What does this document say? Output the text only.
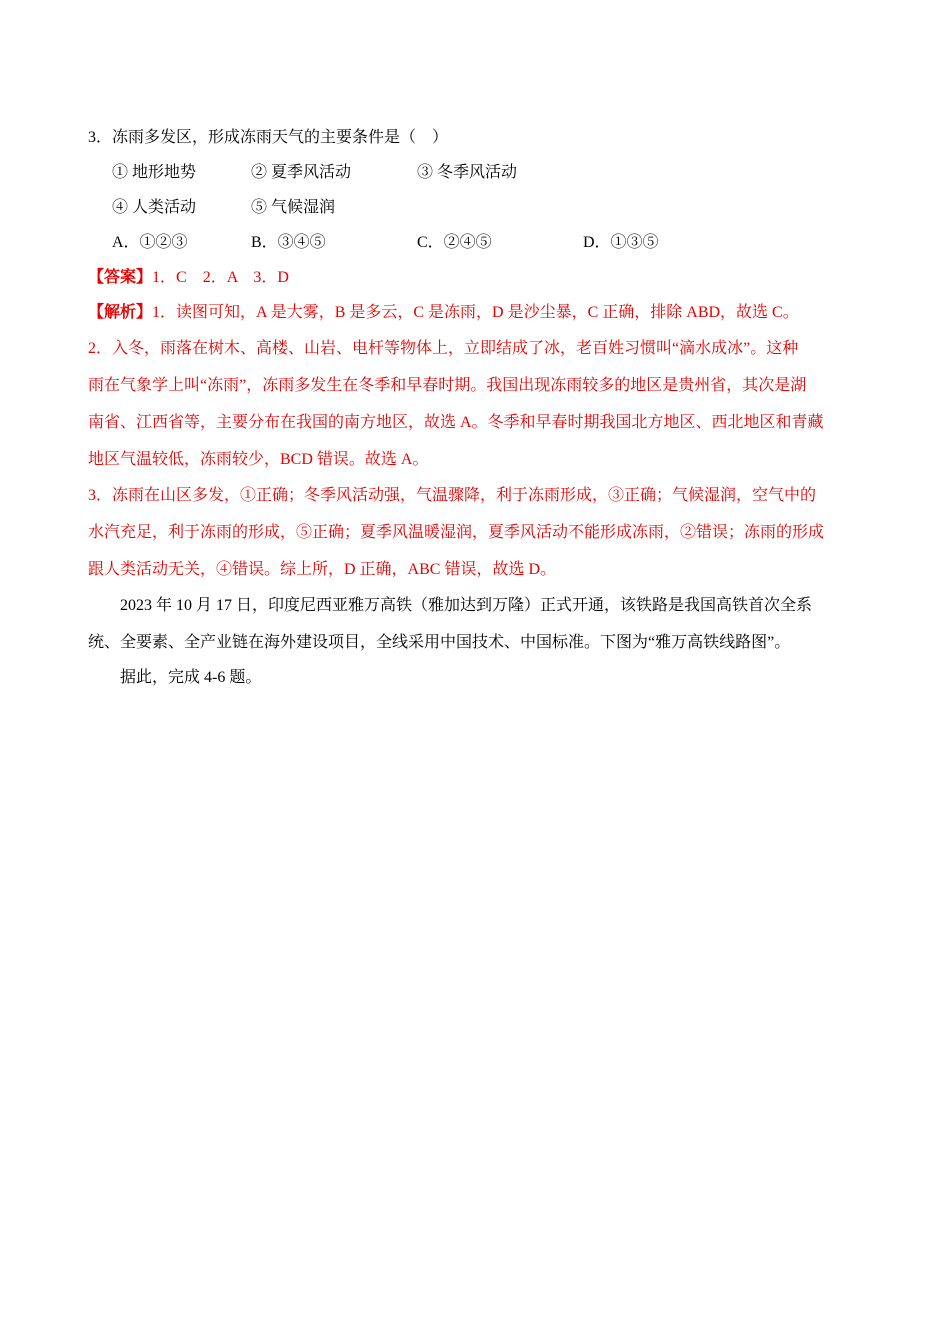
3．冻雨多发区，形成冻雨天气的主要条件是（　）
① 地形地势	② 夏季风活动	③ 冬季风活动
④ 人类活动	⑤ 气候湿润
A．①②③	B．③④⑤	C．②④⑤	D．①③⑤
【答案】1．C　2．A　3．D
【解析】1．读图可知，A 是大雾，B 是多云，C 是冻雨，D 是沙尘暴，C 正确，排除 ABD，故选 C。
2．入冬，雨落在树木、高楼、山岩、电杆等物体上，立即结成了冰，老百姓习惯叫“滴水成冰”。这种
雨在气象学上叫“冻雨”，冻雨多发生在冬季和早春时期。我国出现冻雨较多的地区是贵州省，其次是湖
南省、江西省等，主要分布在我国的南方地区，故选 A。冬季和早春时期我国北方地区、西北地区和青藏
地区气温较低，冻雨较少，BCD 错误。故选 A。
3．冻雨在山区多发，①正确；冬季风活动强，气温骤降，利于冻雨形成，③正确；气候湿润，空气中的
水汽充足，利于冻雨的形成，⑤正确；夏季风温暖湿润，夏季风活动不能形成冻雨，②错误；冻雨的形成
跟人类活动无关，④错误。综上所，D 正确，ABC 错误，故选 D。
2023 年 10 月 17 日，印度尼西亚雅万高铁（雅加达到万隆）正式开通，该铁路是我国高铁首次全系
统、全要素、全产业链在海外建设项目，全线采用中国技术、中国标准。下图为“雅万高铁线路图”。
据此，完成 4-6 题。
